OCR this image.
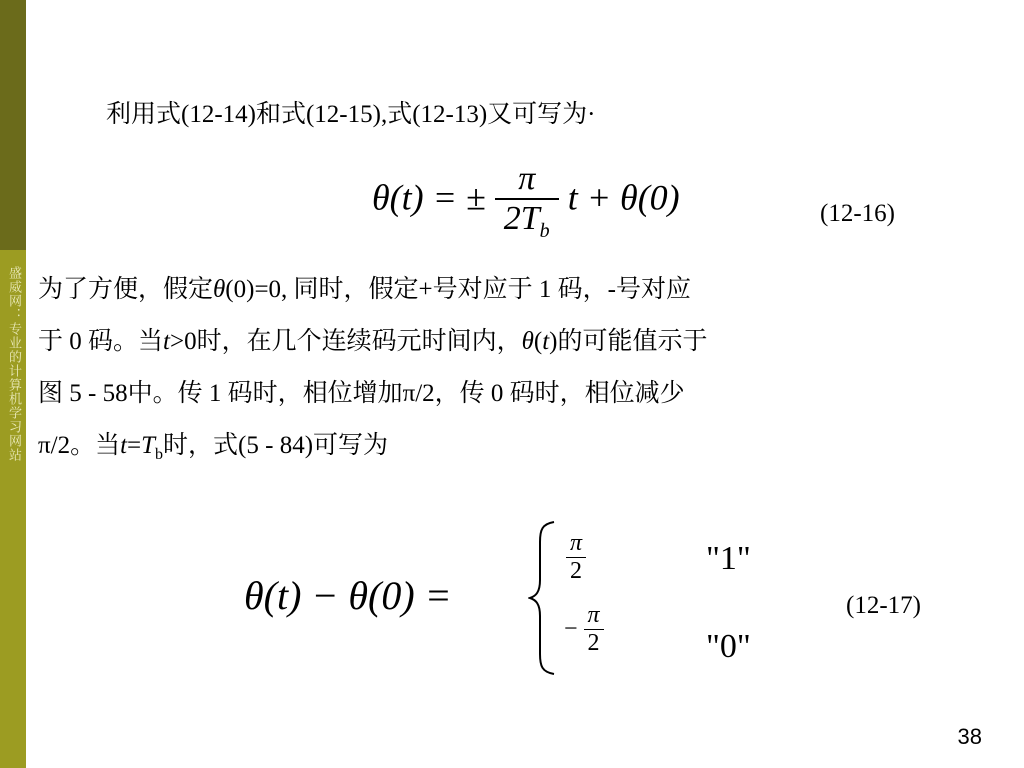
盛威网：专业的计算机学习网站
利用式(12-14)和式(12-15),式(12-13)又可写为·
θ(t) = ± $\frac{\pi}{2T_b}$ t + θ(0)	(12-16)
为了方便，假定θ(0)=0, 同时，假定+号对应于 1 码，-号对应
于 0 码。当t>0时，在几个连续码元时间内，θ(t)的可能值示于
图 5 - 58中。传 1 码时，相位增加π/2，传 0 码时，相位减少
π/2。当$t=T_b$时，式(5 - 84)可写为
θ(t) − θ(0) =
$\frac{\pi}{2}$	"1"
− $\frac{\pi}{2}$	"0"
(12-17)
38
